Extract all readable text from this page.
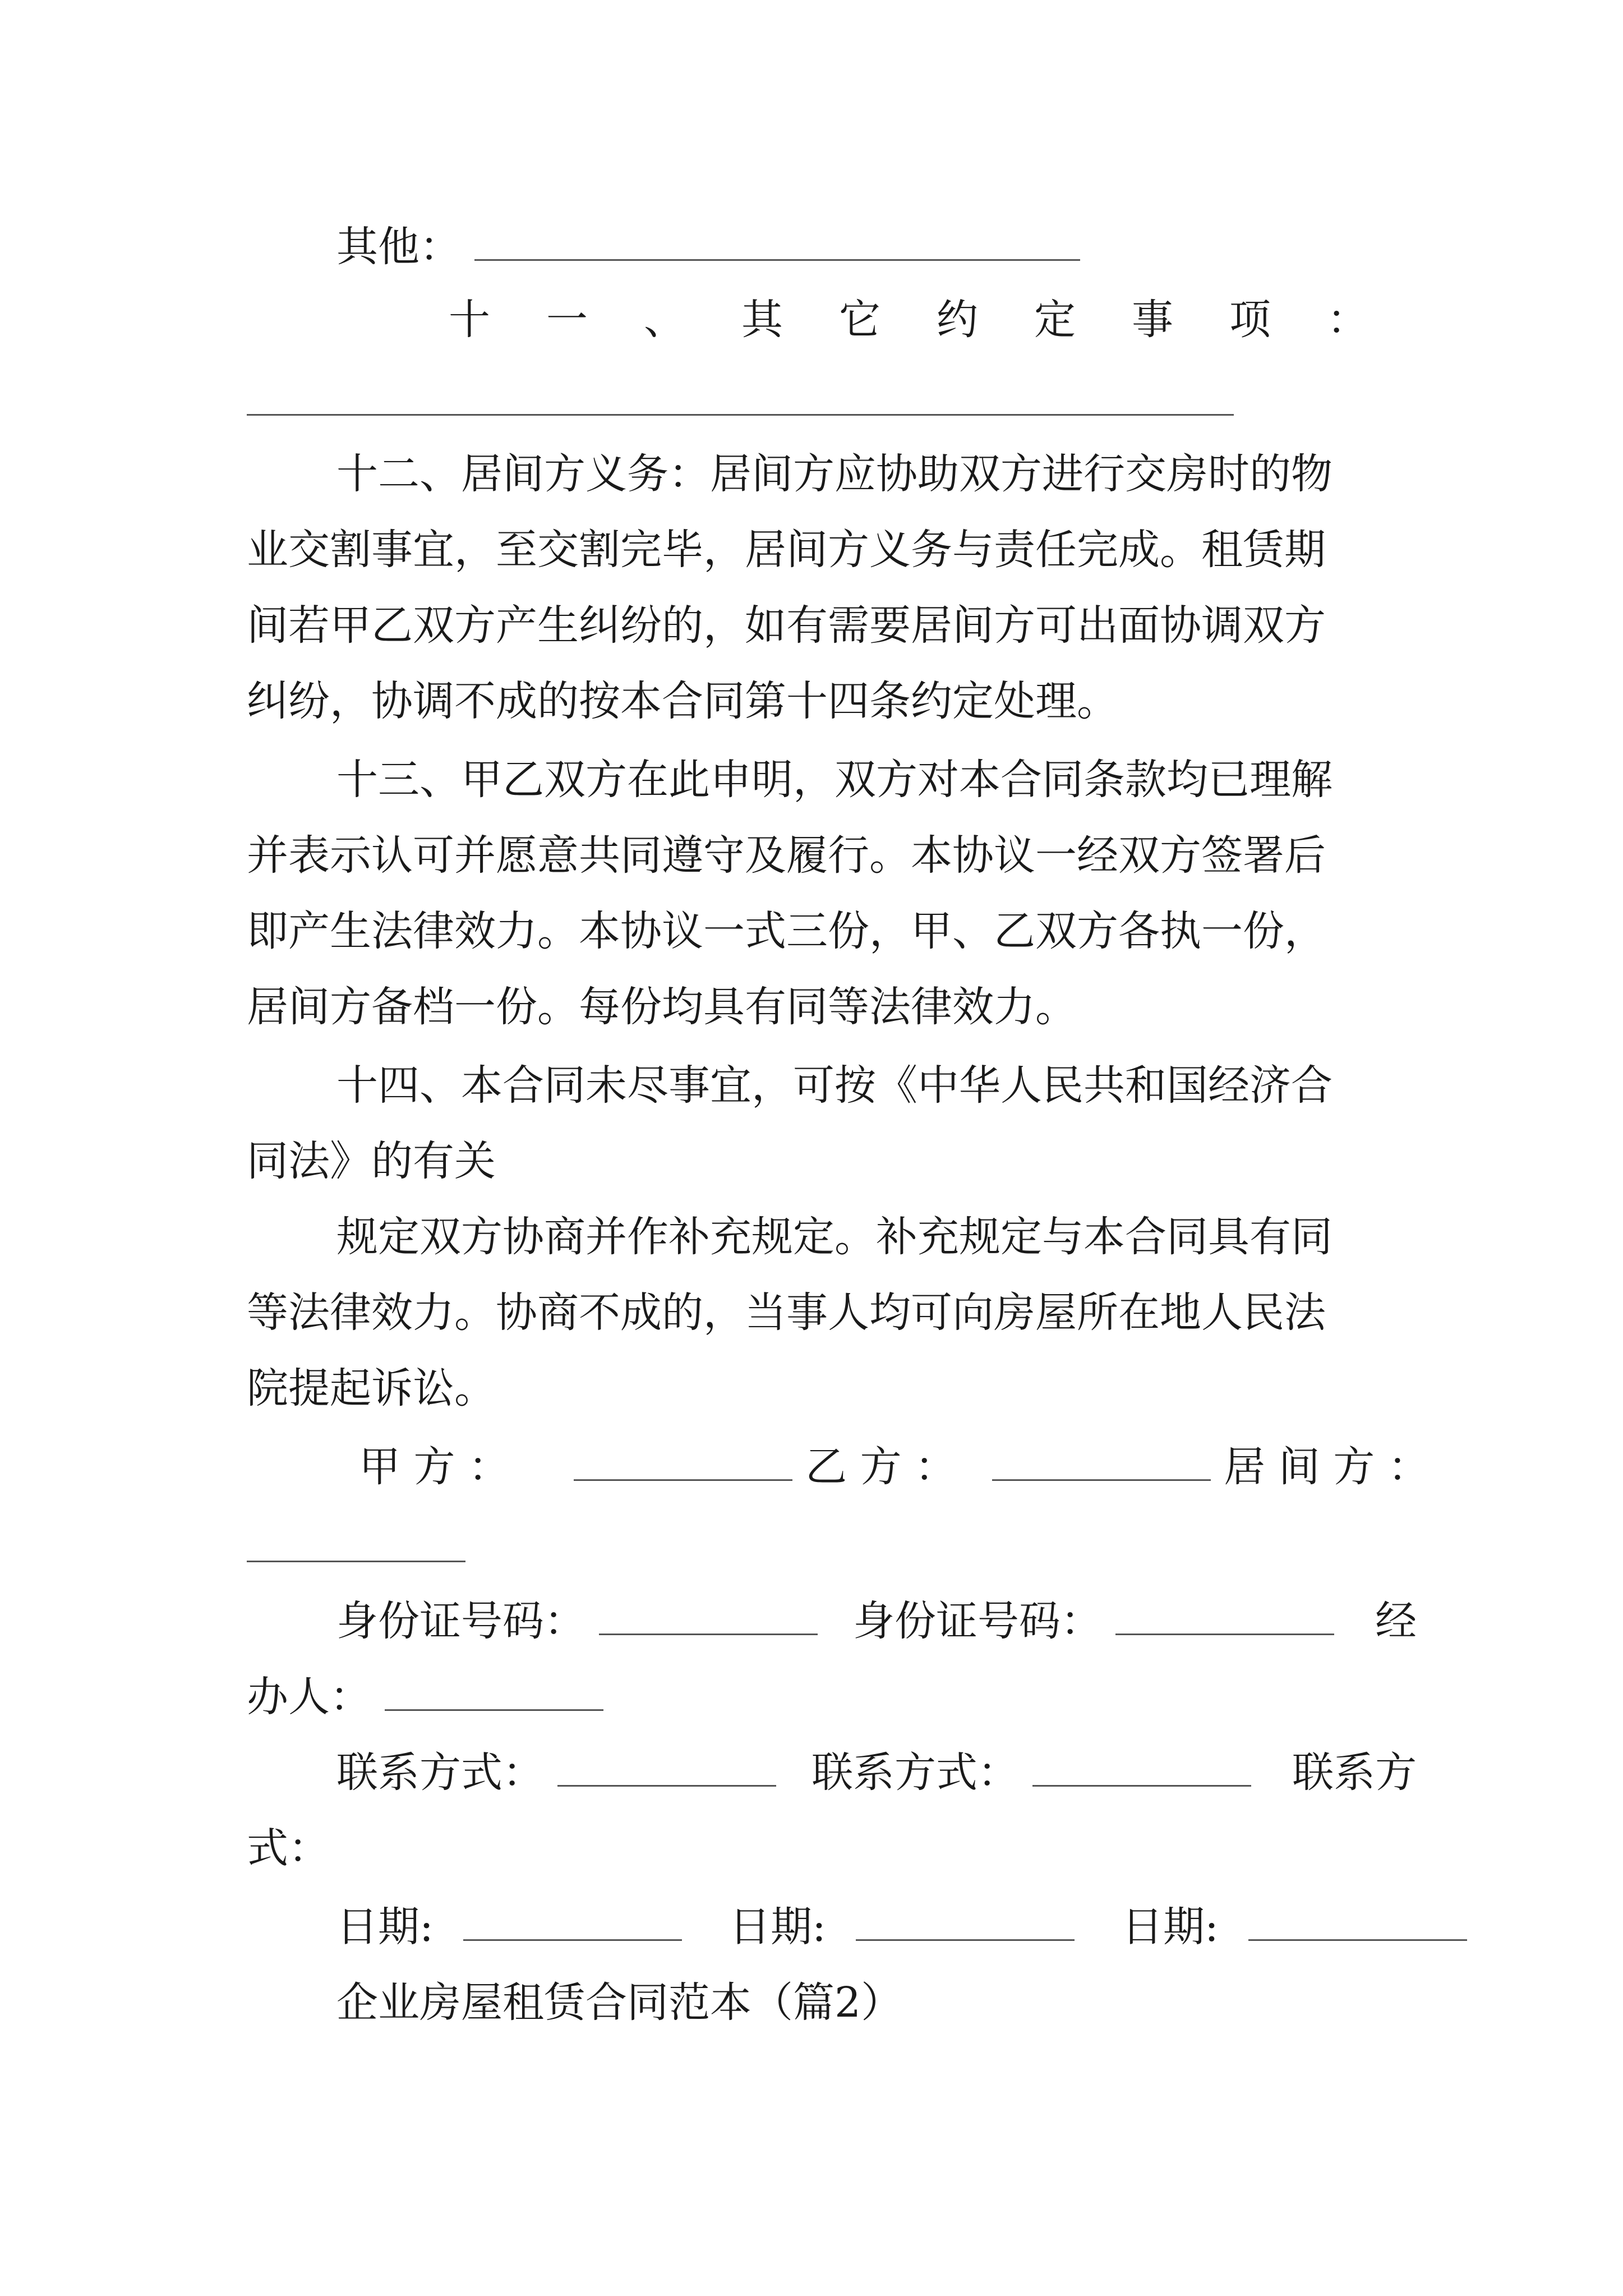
其他：
十 一 、 其 它 约 定 事 项 ：
十二、居间方义务：居间方应协助双方进行交房时的物
业交割事宜，至交割完毕，居间方义务与责任完成。租赁期
间若甲乙双方产生纠纷的，如有需要居间方可出面协调双方
纠纷，协调不成的按本合同第十四条约定处理。
十三、甲乙双方在此申明，双方对本合同条款均已理解
并表示认可并愿意共同遵守及履行。本协议一经双方签署后
即产生法律效力。本协议一式三份，甲、乙双方各执一份，
居间方备档一份。每份均具有同等法律效力。
十四、本合同未尽事宜，可按《中华人民共和国经济合
同法》的有关
规定双方协商并作补充规定。补充规定与本合同具有同
等法律效力。协商不成的，当事人均可向房屋所在地人民法
院提起诉讼。
甲 方 ：	乙 方 ：	居 间 方 ：
身份证号码：	身份证号码：	经
办人：
联系方式：	联系方式：	联系方
式：
日期:	日期:	日期:
企业房屋租赁合同范本（篇2）
